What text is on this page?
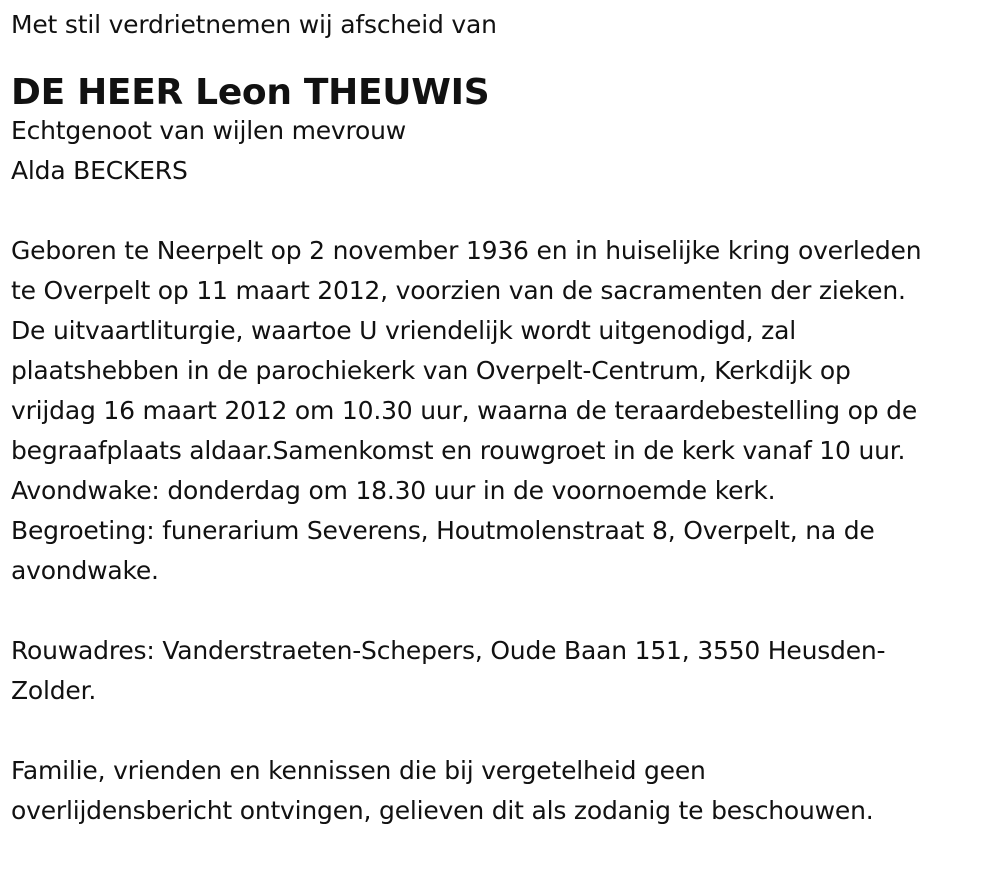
Met stil verdrietnemen wij afscheid van
DE HEER Leon THEUWIS
Echtgenoot van wijlen mevrouw
Alda BECKERS
Geboren te Neerpelt op 2 november 1936 en in huiselijke kring overleden
te Overpelt op 11 maart 2012, voorzien van de sacramenten der zieken.
De uitvaartliturgie, waartoe U vriendelijk wordt uitgenodigd, zal
plaatshebben in de parochiekerk van Overpelt-Centrum, Kerkdijk op
vrijdag 16 maart 2012 om 10.30 uur, waarna de teraardebestelling op de
begraafplaats aldaar.Samenkomst en rouwgroet in de kerk vanaf 10 uur.
Avondwake: donderdag om 18.30 uur in de voornoemde kerk.
Begroeting: funerarium Severens, Houtmolenstraat 8, Overpelt, na de
avondwake.
Rouwadres: Vanderstraeten-Schepers, Oude Baan 151, 3550 Heusden-
Zolder.
Familie, vrienden en kennissen die bij vergetelheid geen
overlijdensbericht ontvingen, gelieven dit als zodanig te beschouwen.
